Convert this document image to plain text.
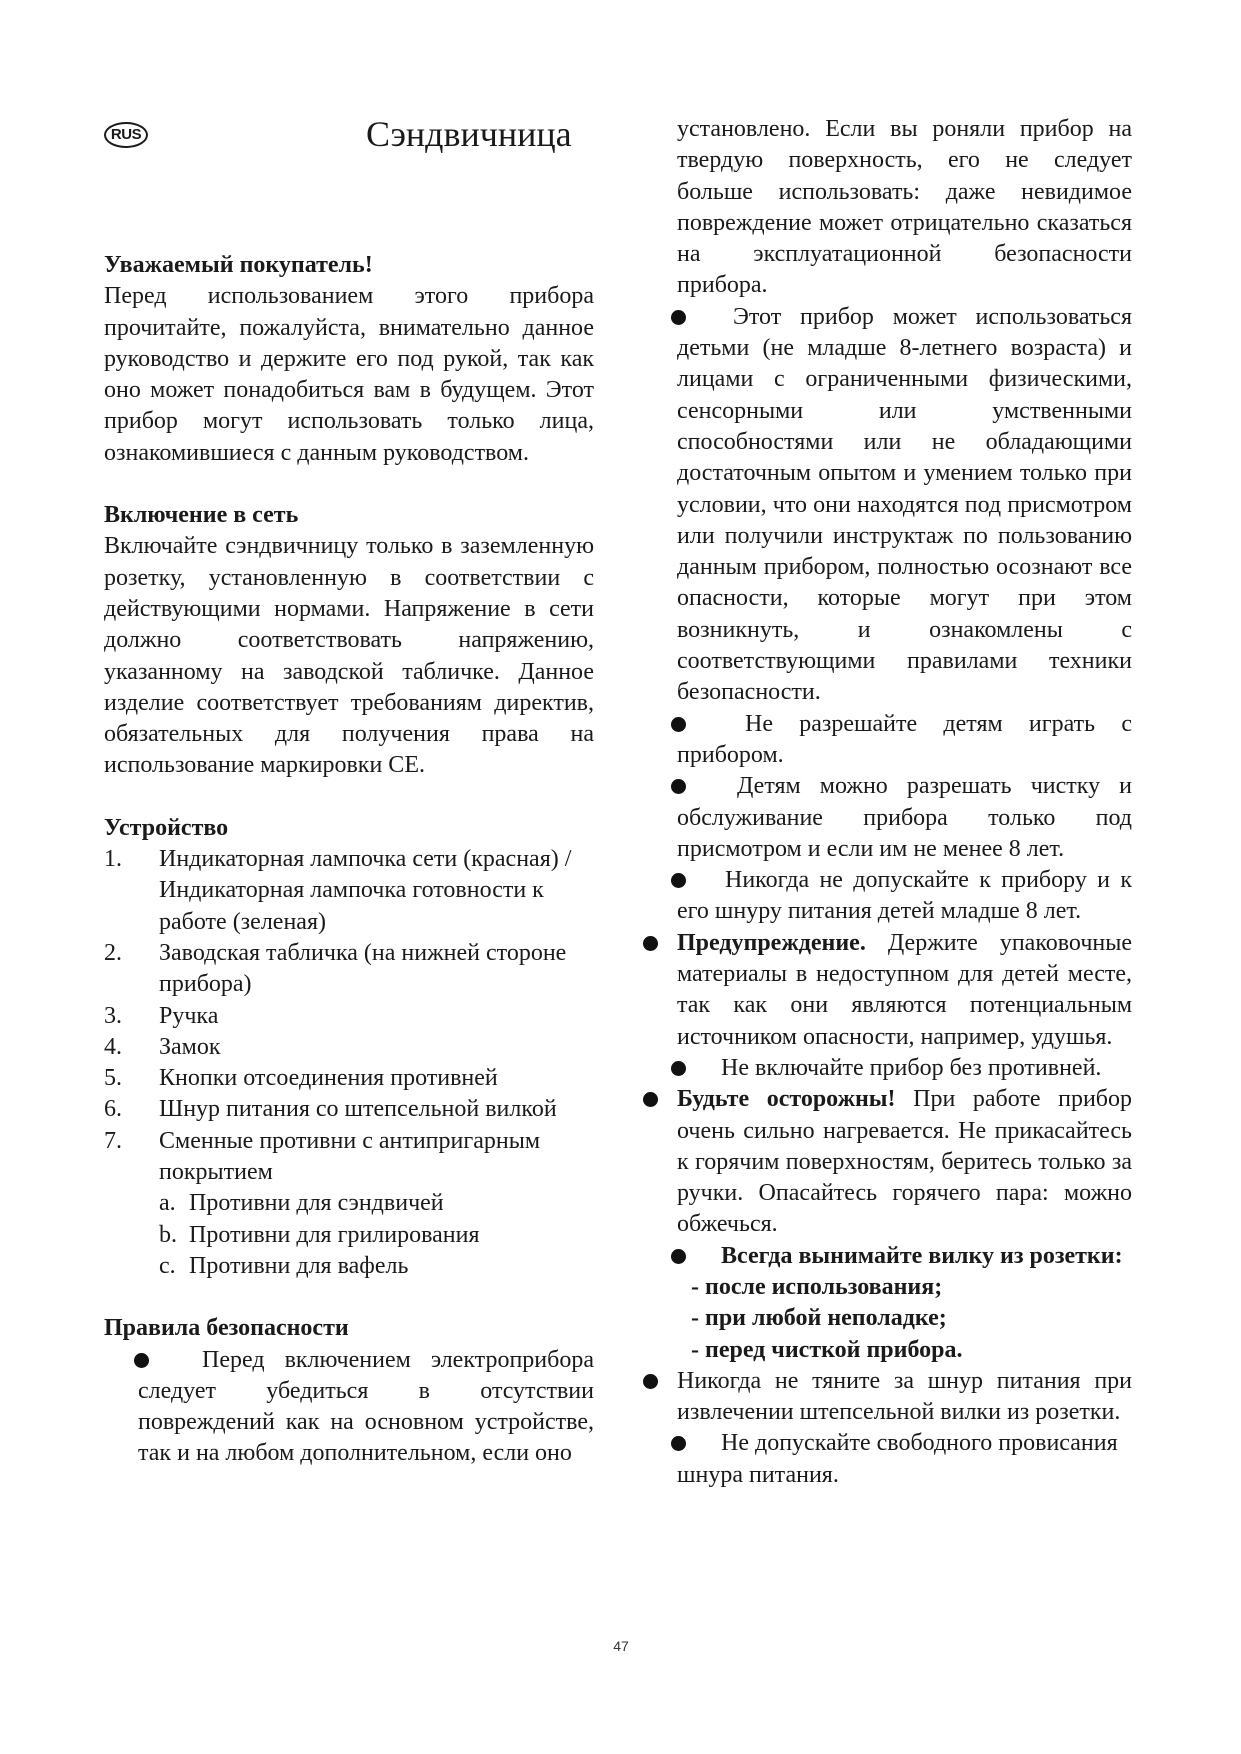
RUS	Сэндвичница

Уважаемый покупатель!

Перед использованием этого прибора прочитайте, пожалуйста, внимательно данное руководство и держите его под рукой, так как оно может понадобиться вам в будущем. Этот прибор могут использовать только лица, ознакомившиеся с данным руководством.

Включение в сеть

Включайте сэндвичницу только в заземленную розетку, установленную в соответствии с действующими нормами. Напряжение в сети должно соответствовать напряжению, указанному на заводской табличке. Данное изделие соответствует требованиям директив, обязательных для получения права на использование маркировки CE.

Устройство

1. Индикаторная лампочка сети (красная) / Индикаторная лампочка готовности к работе (зеленая)
2. Заводская табличка (на нижней стороне прибора)
3. Ручка
4. Замок
5. Кнопки отсоединения противней
6. Шнур питания со штепсельной вилкой
7. Сменные противни с антипригарным покрытием
a. Противни для сэндвичей
b. Противни для грилирования
c. Противни для вафель

Правила безопасности

Перед включением электроприбора следует убедиться в отсутствии повреждений как на основном устройстве, так и на любом дополнительном, если оно

установлено. Если вы роняли прибор на твердую поверхность, его не следует больше использовать: даже невидимое повреждение может отрицательно сказаться на эксплуатационной безопасности прибора.

Этот прибор может использоваться детьми (не младше 8-летнего возраста) и лицами с ограниченными физическими, сенсорными или умственными способностями или не обладающими достаточным опытом и умением только при условии, что они находятся под присмотром или получили инструктаж по пользованию данным прибором, полностью осознают все опасности, которые могут при этом возникнуть, и ознакомлены с соответствующими правилами техники безопасности.

Не разрешайте детям играть с прибором.

Детям можно разрешать чистку и обслуживание прибора только под присмотром и если им не менее 8 лет.

Никогда не допускайте к прибору и к его шнуру питания детей младше 8 лет.

Предупреждение. Держите упаковочные материалы в недоступном для детей месте, так как они являются потенциальным источником опасности, например, удушья.

Не включайте прибор без противней.

Будьте осторожны! При работе прибор очень сильно нагревается. Не прикасайтесь к горячим поверхностям, беритесь только за ручки. Опасайтесь горячего пара: можно обжечься.

Всегда вынимайте вилку из розетки:

- после использования;

- при любой неполадке;

- перед чисткой прибора.

Никогда не тяните за шнур питания при извлечении штепсельной вилки из розетки.

Не допускайте свободного провисания шнура питания.

47
